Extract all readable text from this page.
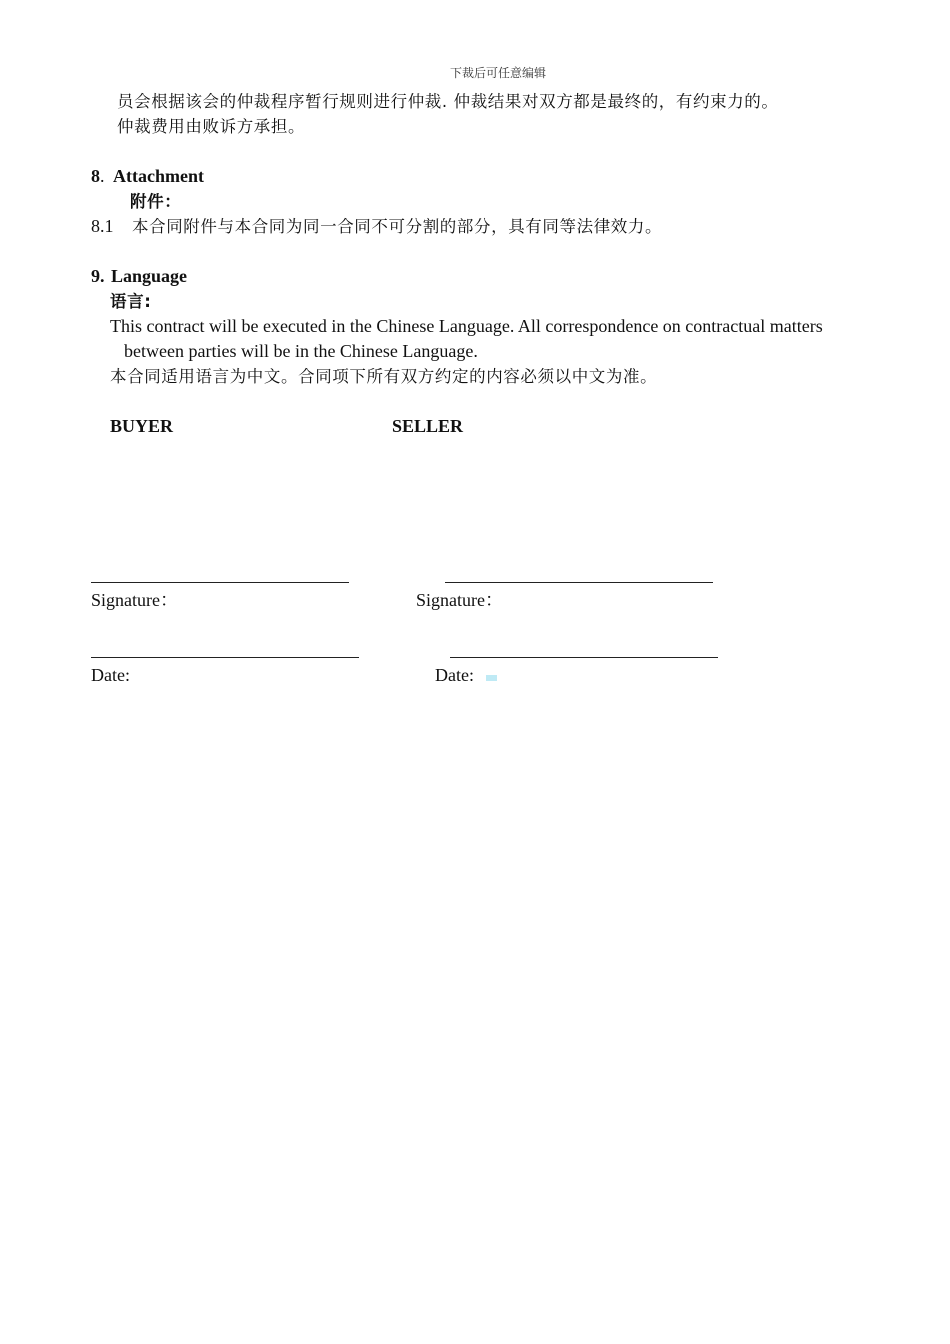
下裁后可任意编辑
员会根据该会的仲裁程序暂行规则进行仲裁. 仲裁结果对双方都是最终的，有约束力的。
仲裁费用由败诉方承担。
8. Attachment
附件：
8.1 本合同附件与本合同为同一合同不可分割的部分，具有同等法律效力。
9. Language
语言:
This contract will be executed in the Chinese Language. All correspondence on contractual matters
between parties will be in the Chinese Language.
本合同适用语言为中文。合同项下所有双方约定的内容必须以中文为准。
BUYER	SELLER
Signature：	Signature：
Date:	Date:
